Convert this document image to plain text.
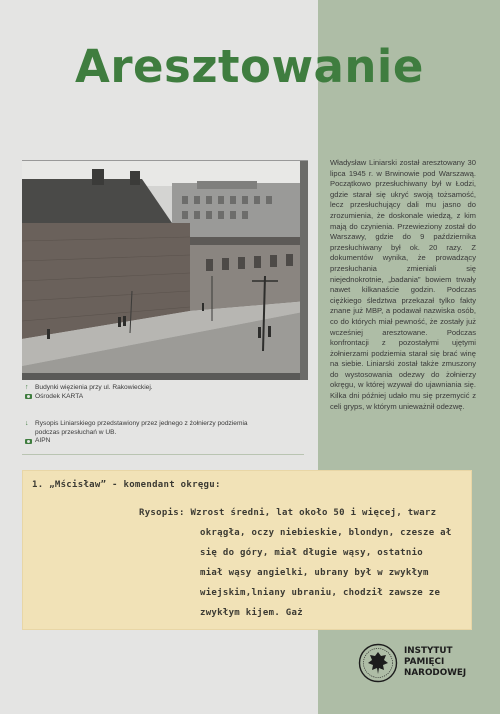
Aresztowanie

Władysław Liniarski został aresztowany 30 lipca 1945 r. w Brwinowie pod Warszawą. Początkowo przesłuchiwany był w Łodzi, gdzie starał się ukryć swoją tożsamość, lecz przesłuchujący dali mu jasno do zrozumienia, że doskonale wiedzą, z kim mają do czynienia. Przewieziony został do Warszawy, gdzie do 9 października przesłuchiwany był ok. 20 razy. Z dokumentów wynika, że prowadzący przesłuchania zmieniali się niejednokrotnie, „badania” bowiem trwały nawet kilkanaście godzin. Podczas ciężkiego śledztwa przekazał tylko fakty znane już MBP, a podawał nazwiska osób, co do których miał pewność, że zostały już wcześniej aresztowane. Podczas konfrontacji z pozostałymi ujętymi żołnierzami podziemia starał się brać winę na siebie. Liniarski został także zmuszony do wystosowania odezwy do żołnierzy okręgu, w której wzywał do ujawniania się. Kilka dni później udało mu się przemycić z celi gryps, w którym unieważnił odezwę.

↑ Budynki więzienia przy ul. Rakowieckiej.
Ośrodek KARTA
↓ Rysopis Liniarskiego przedstawiony przez jednego z żołnierzy podziemia
podczas przesłuchań w UB.
AIPN
1. „Mścisław” - komendant okręgu:
Rysopis: Wzrost średni, lat około 50 i więcej, twarz
okrągła, oczy niebieskie, blondyn, czesze ał
się do góry, miał długie wąsy, ostatnio
miał wąsy angielki, ubrany był w zwykłym
wiejskim,lniany ubraniu, chodził zawsze ze
zwykłym kijem. Gaż
INSTYTUT
PAMIĘCI
NARODOWEJ
